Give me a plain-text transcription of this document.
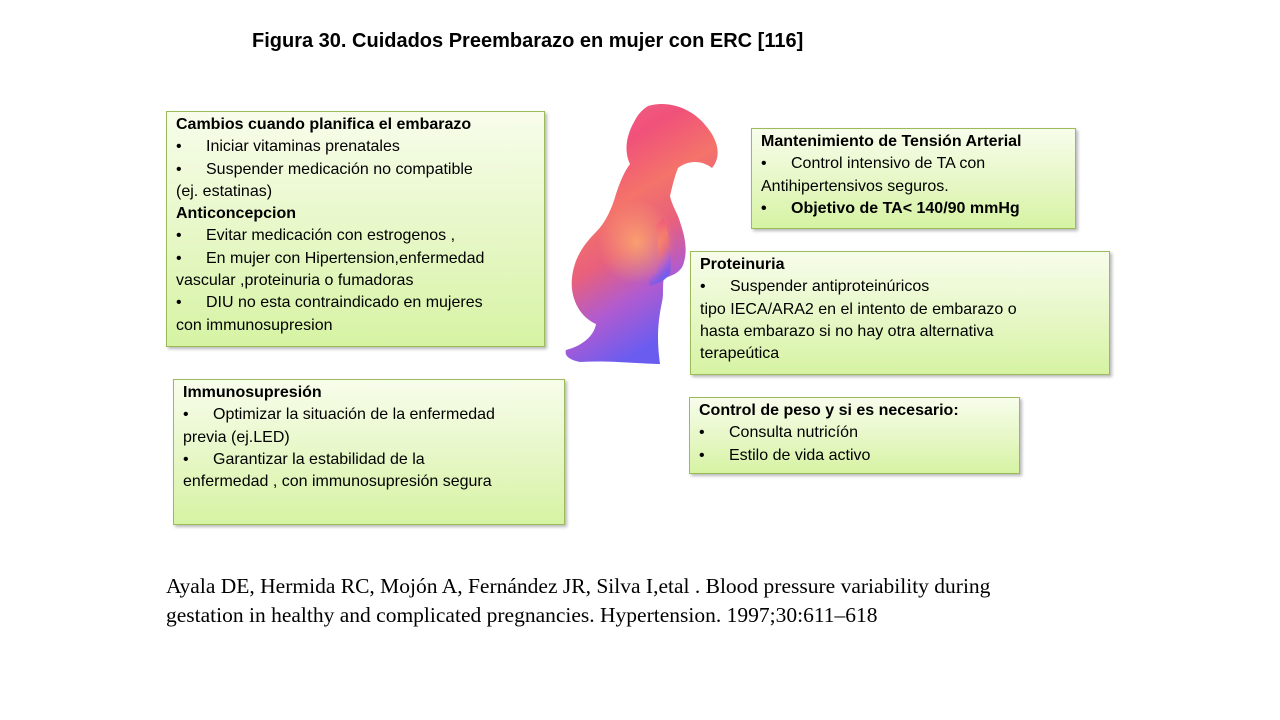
Figura 30. Cuidados Preembarazo en mujer con ERC [116]
Cambios cuando planifica el embarazo
• Iniciar vitaminas prenatales
• Suspender medicación no compatible
(ej. estatinas)
Anticoncepcion
• Evitar medicación con estrogenos ,
• En mujer con Hipertension,enfermedad
vascular ,proteinuria o fumadoras
• DIU no esta contraindicado en mujeres
con immunosupresion
Immunosupresión
• Optimizar la situación de la enfermedad
previa (ej.LED)
• Garantizar la estabilidad de la
enfermedad , con immunosupresión segura
Mantenimiento de Tensión Arterial
• Control intensivo de TA con
Antihipertensivos seguros.
• Objetivo de TA< 140/90 mmHg
Proteinuria
• Suspender antiproteinúricos
tipo IECA/ARA2 en el intento de embarazo o
hasta embarazo si no hay otra alternativa
terapeútica
Control de peso y si es necesario:
• Consulta nutricíón
• Estilo de vida activo
Ayala DE, Hermida RC, Mojón A, Fernández JR, Silva I,etal . Blood pressure variability during
gestation in healthy and complicated pregnancies. Hypertension. 1997;30:611–618
